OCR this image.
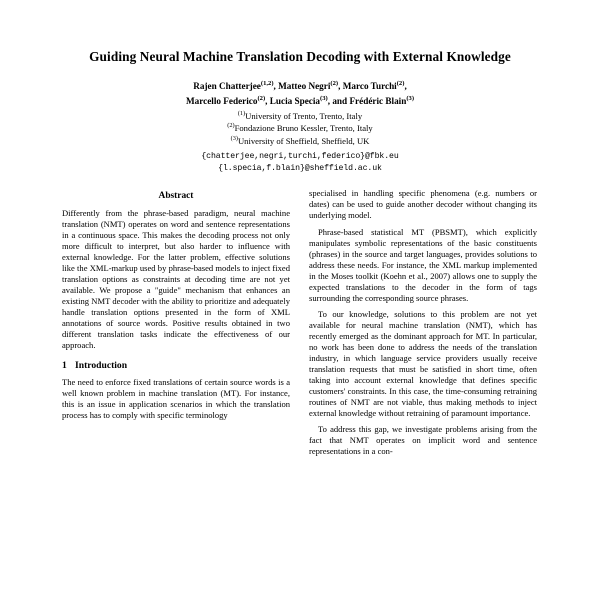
Guiding Neural Machine Translation Decoding with External Knowledge
Rajen Chatterjee$^{(1,2)}$, Matteo Negri$^{(2)}$, Marco Turchi$^{(2)}$,
Marcello Federico$^{(2)}$, Lucia Specia$^{(3)}$, and Frédéric Blain$^{(3)}$
$^{(1)}$University of Trento, Trento, Italy
$^{(2)}$Fondazione Bruno Kessler, Trento, Italy
$^{(3)}$University of Sheffield, Sheffield, UK
{chatterjee,negri,turchi,federico}@fbk.eu
{l.specia,f.blain}@sheffield.ac.uk
Abstract

Differently from the phrase-based paradigm, neural machine translation (NMT) operates on word and sentence representations in a continuous space. This makes the decoding process not only more difficult to interpret, but also harder to influence with external knowledge. For the latter problem, effective solutions like the XML-markup used by phrase-based models to inject fixed translation options as constraints at decoding time are not yet available. We propose a "guide" mechanism that enhances an existing NMT decoder with the ability to prioritize and adequately handle translation options presented in the form of XML annotations of source words. Positive results obtained in two different translation tasks indicate the effectiveness of our approach.

1 Introduction

The need to enforce fixed translations of certain source words is a well known problem in machine translation (MT). For instance, this is an issue in application scenarios in which the translation process has to comply with specific terminology

specialised in handling specific phenomena (e.g. numbers or dates) can be used to guide another decoder without changing its underlying model.

Phrase-based statistical MT (PBSMT), which explicitly manipulates symbolic representations of the basic constituents (phrases) in the source and target languages, provides solutions to address these needs. For instance, the XML markup implemented in the Moses toolkit (Koehn et al., 2007) allows one to supply the expected translations to the decoder in the form of tags surrounding the corresponding source phrases.

To our knowledge, solutions to this problem are not yet available for neural machine translation (NMT), which has recently emerged as the dominant approach for MT. In particular, no work has been done to address the needs of the translation industry, in which language service providers usually receive translation requests that must be satisfied in short time, often taking into account external knowledge that defines specific customers' constraints. In this case, the time-consuming retraining routines of NMT are not viable, thus making methods to inject external knowledge without retraining of paramount importance.

To address this gap, we investigate problems arising from the fact that NMT operates on implicit word and sentence representations in a con-
